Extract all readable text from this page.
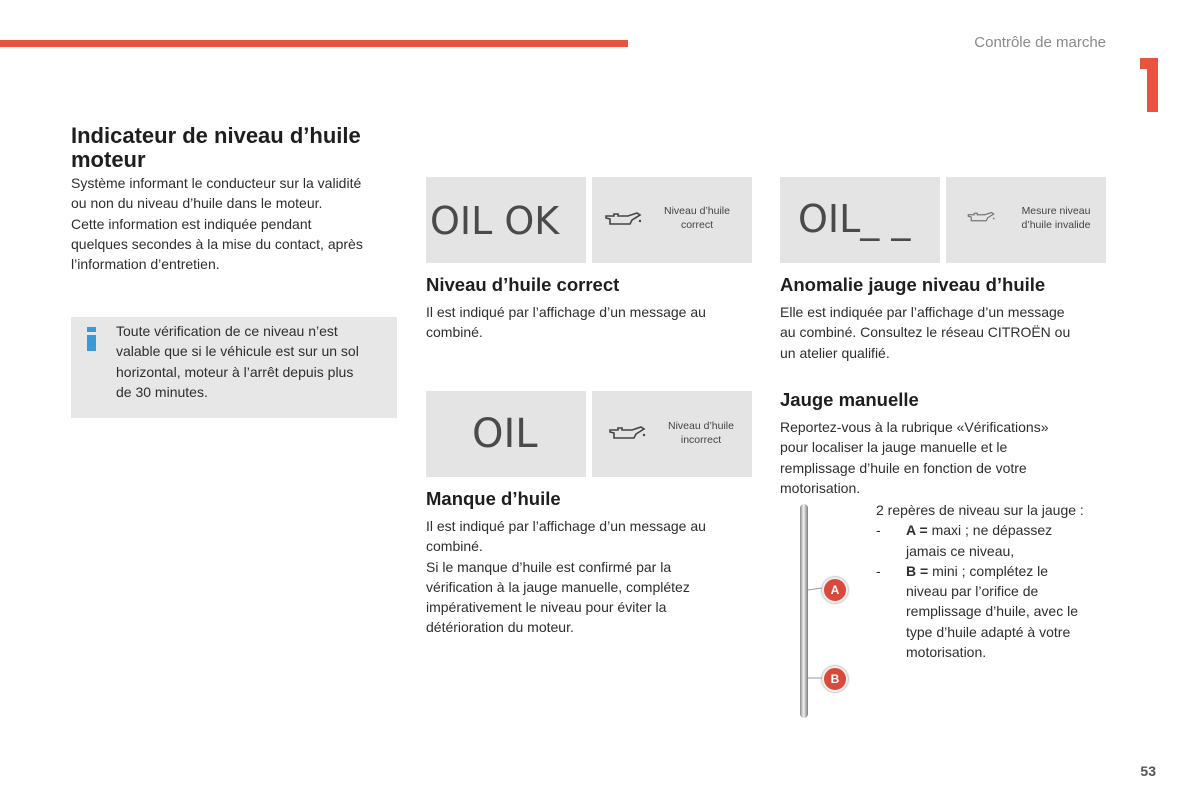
Contrôle de marche
Indicateur de niveau d’huile moteur

Système informant le conducteur sur la validité

ou non du niveau d’huile dans le moteur.

Cette information est indiquée pendant

quelques secondes à la mise du contact, après

l’information d’entretien.

Toute vérification de ce niveau n’est

valable que si le véhicule est sur un sol

horizontal, moteur à l’arrêt depuis plus

de 30 minutes.

OIL OK	Niveau d’huile
correct	OIL_ _	Mesure niveau
d’huile invalide
Niveau d’huile correct

Il est indiqué par l’affichage d’un message au

combiné.

Anomalie jauge niveau d’huile

Elle est indiquée par l’affichage d’un message

au combiné. Consultez le réseau CITROËN ou

un atelier qualifié.

OIL	Niveau d’huile
incorrect
Manque d’huile

Il est indiqué par l’affichage d’un message au

combiné.

Si le manque d’huile est confirmé par la

vérification à la jauge manuelle, complétez

impérativement le niveau pour éviter la

détérioration du moteur.

Jauge manuelle

Reportez-vous à la rubrique «Vérifications»

pour localiser la jauge manuelle et le

remplissage d’huile en fonction de votre

motorisation.

A
B

2 repères de niveau sur la jauge :

- A = maxi ; ne dépassez
jamais ce niveau,
- B = mini ; complétez le
niveau par l’orifice de
remplissage d’huile, avec le
type d’huile adapté à votre
motorisation.
53
